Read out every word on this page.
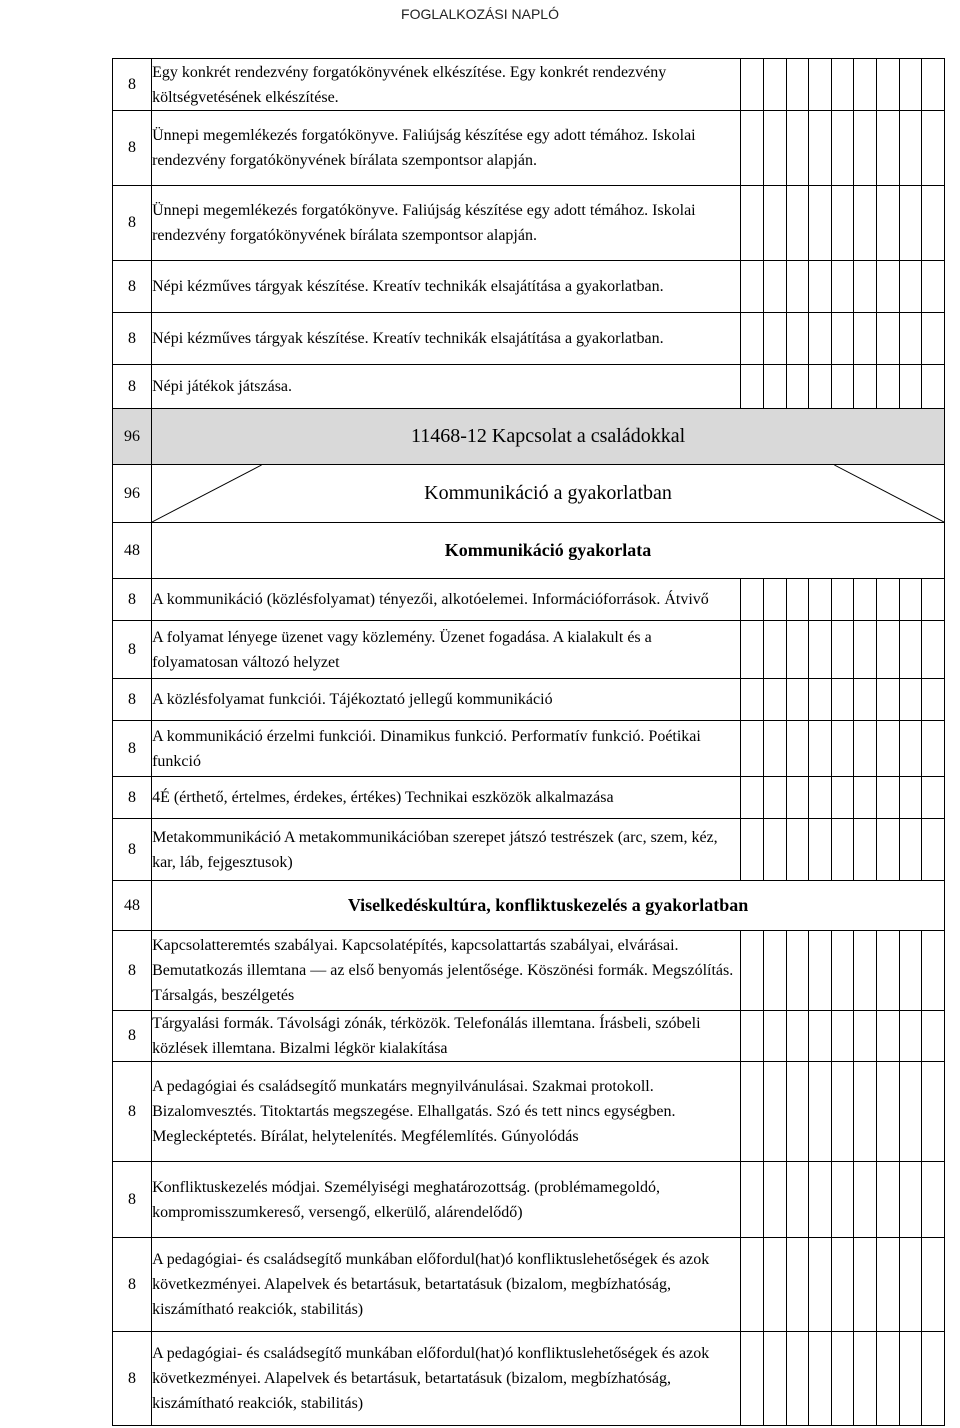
FOGLALKOZÁSI NAPLÓ
8	Egy konkrét rendezvény forgatókönyvének elkészítése. Egy konkrét rendezvény költségvetésének elkészítése.									
8	Ünnepi megemlékezés forgatókönyve. Faliújság készítése egy adott témához. Iskolai rendezvény forgatókönyvének bírálata szempontsor alapján.									
8	Ünnepi megemlékezés forgatókönyve. Faliújság készítése egy adott témához. Iskolai rendezvény forgatókönyvének bírálata szempontsor alapján.									
8	Népi kézműves tárgyak készítése. Kreatív technikák elsajátítása a gyakorlatban.									
8	Népi kézműves tárgyak készítése. Kreatív technikák elsajátítása a gyakorlatban.									
8	Népi játékok játszása.									
96	11468-12 Kapcsolat a családokkal									
96	Kommunikáció a gyakorlatban									
48	Kommunikáció gyakorlata									
8	A kommunikáció (közlésfolyamat) tényezői, alkotóelemei. Információforrások. Átvivő									
8	A folyamat lényege üzenet vagy közlemény. Üzenet fogadása. A kialakult és a folyamatosan változó helyzet									
8	A közlésfolyamat funkciói. Tájékoztató jellegű kommunikáció									
8	A kommunikáció érzelmi funkciói. Dinamikus funkció. Performatív funkció. Poétikai funkció									
8	4É (érthető, értelmes, érdekes, értékes) Technikai eszközök alkalmazása									
8	Metakommunikáció A metakommunikációban szerepet játszó testrészek (arc, szem, kéz, kar, láb, fejgesztusok)									
48	Viselkedéskultúra, konfliktuskezelés a gyakorlatban									
8	Kapcsolatteremtés szabályai. Kapcsolatépítés, kapcsolattartás szabályai, elvárásai. Bemutatkozás illemtana — az első benyomás jelentősége. Köszönési formák. Megszólítás. Társalgás, beszélgetés									
8	Tárgyalási formák. Távolsági zónák, térközök. Telefonálás illemtana. Írásbeli, szóbeli közlések illemtana. Bizalmi légkör kialakítása									
8	A pedagógiai és családsegítő munkatárs megnyilvánulásai. Szakmai protokoll. Bizalomvesztés. Titoktartás megszegése. Elhallgatás. Szó és tett nincs egységben. Meglecképtetés. Bírálat, helytelenítés. Megfélemlítés. Gúnyolódás									
8	Konfliktuskezelés módjai. Személyiségi meghatározottság. (problémamegoldó, kompromisszumkereső, versengő, elkerülő, alárendelődő)									
8	A pedagógiai- és családsegítő munkában előfordul(hat)ó konfliktuslehetőségek és azok következményei. Alapelvek és betartásuk, betartatásuk (bizalom, megbízhatóság, kiszámítható reakciók, stabilitás)									
8	A pedagógiai- és családsegítő munkában előfordul(hat)ó konfliktuslehetőségek és azok következményei. Alapelvek és betartásuk, betartatásuk (bizalom, megbízhatóság, kiszámítható reakciók, stabilitás)									
